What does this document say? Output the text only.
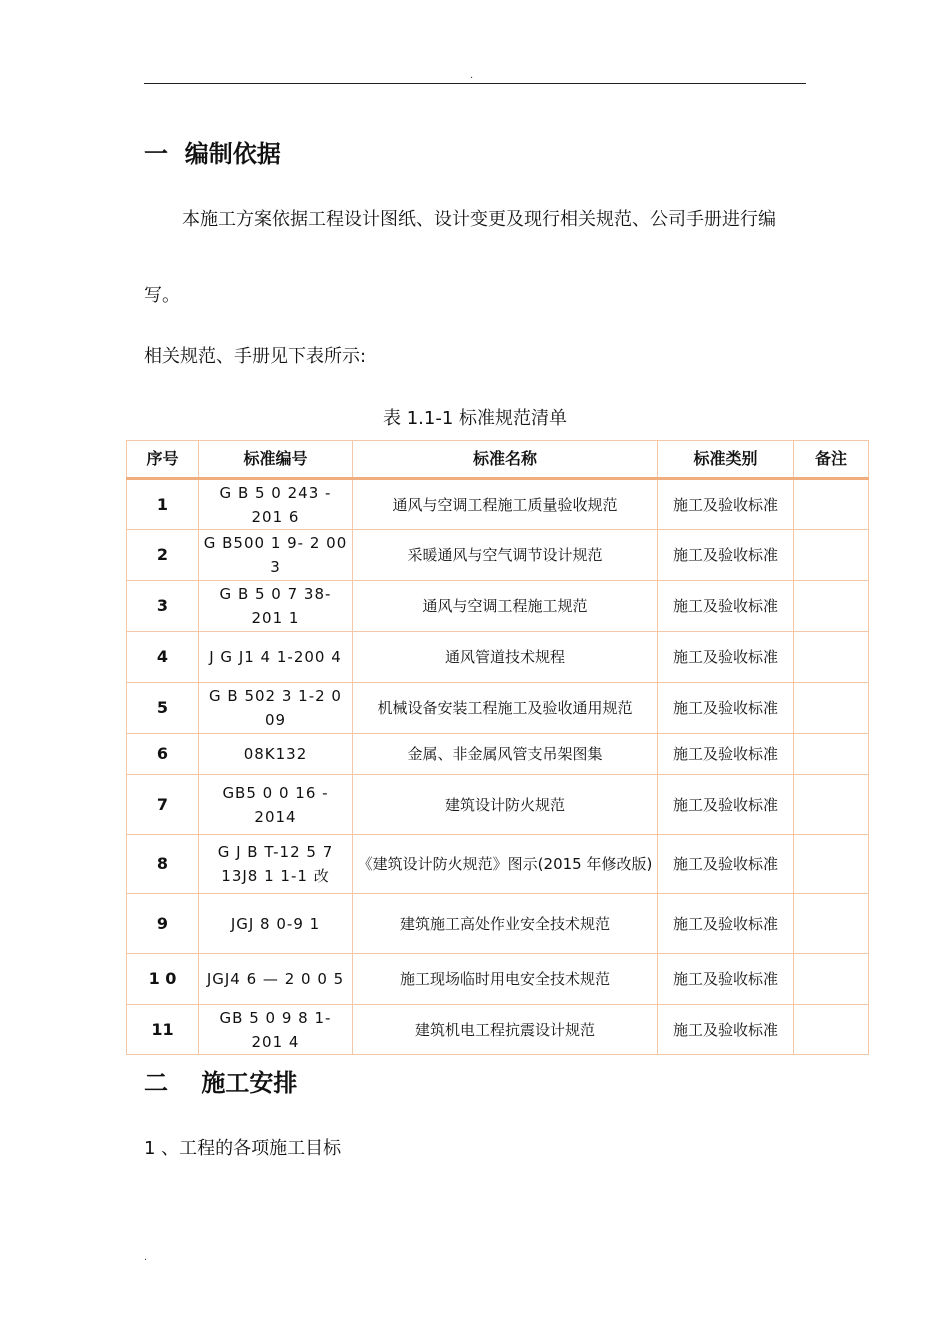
.
一  编制依据

本施工方案依据工程设计图纸、设计变更及现行相关规范、公司手册进行编

写。

相关规范、手册见下表所示:

表 1.1-1 标准规范清单
序号	标准编号	标准名称	标准类别	备注
1	G B 5 0 243 - 201 6	通风与空调工程施工质量验收规范	施工及验收标准	
2	G B500 1 9- 2 00 3	采暖通风与空气调节设计规范	施工及验收标准	
3	G B 5 0 7 38- 201 1	通风与空调工程施工规范	施工及验收标准	
4	J G J1 4 1-200 4	通风管道技术规程	施工及验收标准	
5	G B 502 3 1-2 0 09	机械设备安装工程施工及验收通用规范	施工及验收标准	
6	08K132	金属、非金属风管支吊架图集	施工及验收标准	
7	GB5 0 0 16 - 2014	建筑设计防火规范	施工及验收标准	
8	G J B T-12 5 7 13J8 1 1-1 改	《建筑设计防火规范》图示(2015 年修改版)	施工及验收标准	
9	JGJ 8 0-9 1	建筑施工高处作业安全技术规范	施工及验收标准	
1 0	JGJ4 6 — 2 0 0 5	施工现场临时用电安全技术规范	施工及验收标准	
11	GB 5 0 9 8 1- 201 4	建筑机电工程抗震设计规范	施工及验收标准	
二    施工安排

1 、工程的各项施工目标

.
